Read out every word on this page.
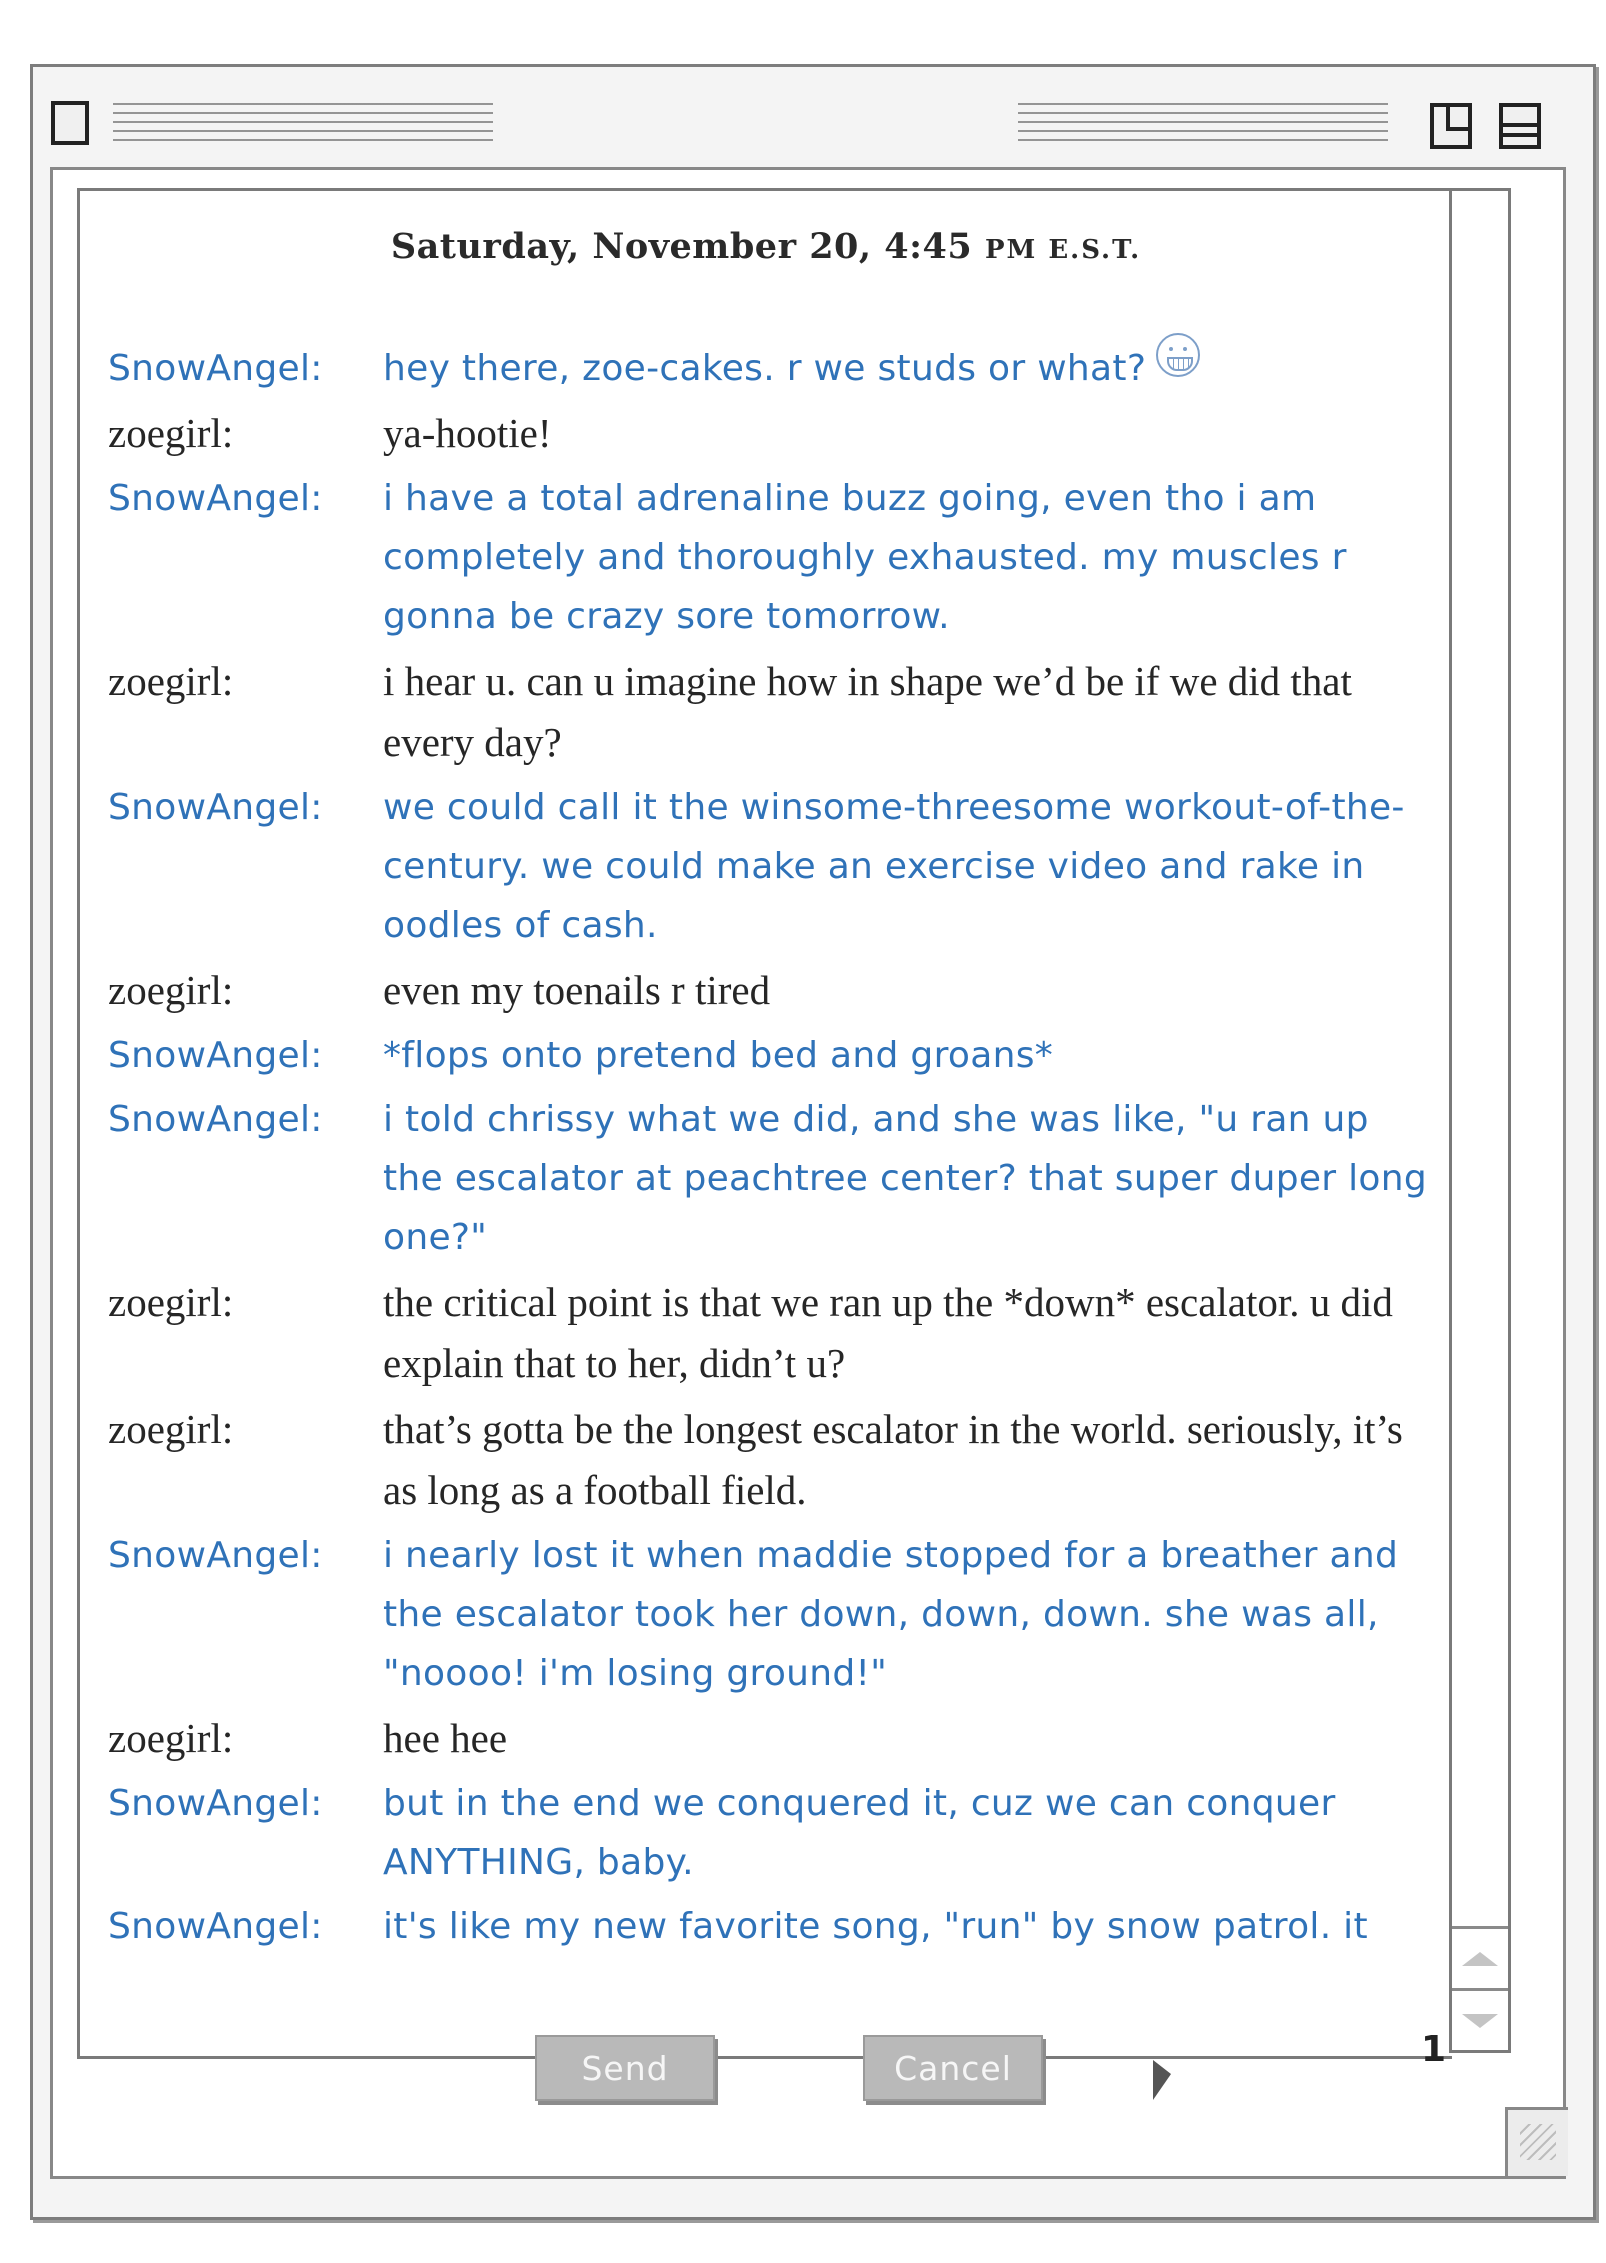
Saturday, November 20, 4:45 PM E.S.T.
SnowAngel:	hey there, zoe-cakes. r we studs or what?
zoegirl:	ya-hootie!
SnowAngel:	i have a total adrenaline buzz going, even tho i am completely and thoroughly exhausted. my muscles r gonna be crazy sore tomorrow.
zoegirl:	i hear u. can u imagine how in shape we’d be if we did that every day?
SnowAngel:	we could call it the winsome-threesome workout-of-the-century. we could make an exercise video and rake in oodles of cash.
zoegirl:	even my toenails r tired
SnowAngel:	*flops onto pretend bed and groans*
SnowAngel:	i told chrissy what we did, and she was like, "u ran up the escalator at peachtree center? that super duper long one?"
zoegirl:	the critical point is that we ran up the *down* escalator. u did explain that to her, didn’t u?
zoegirl:	that’s gotta be the longest escalator in the world. seriously, it’s as long as a football field.
SnowAngel:	i nearly lost it when maddie stopped for a breather and the escalator took her down, down, down. she was all, "noooo! i'm losing ground!"
zoegirl:	hee hee
SnowAngel:	but in the end we conquered it, cuz we can conquer ANYTHING, baby.
SnowAngel:	it's like my new favorite song, "run" by snow patrol. it
Send	Cancel	1
